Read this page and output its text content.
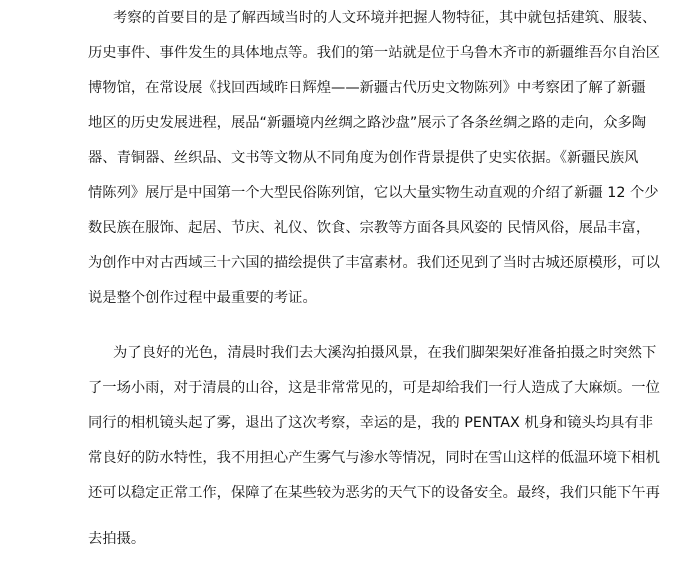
考察的首要目的是了解西域当时的人文环境并把握人物特征，其中就包括建筑、服装、
历史事件、事件发生的具体地点等。我们的第一站就是位于乌鲁木齐市的新疆维吾尔自治区
博物馆，在常设展《找回西域昨日辉煌——新疆古代历史文物陈列》中考察团了解了新疆
地区的历史发展进程，展品“新疆境内丝绸之路沙盘”展示了各条丝绸之路的走向，众多陶
器、青铜器、丝织品、文书等文物从不同角度为创作背景提供了史实依据。《新疆民族风
情陈列》展厅是中国第一个大型民俗陈列馆，它以大量实物生动直观的介绍了新疆 12 个少
数民族在服饰、起居、节庆、礼仪、饮食、宗教等方面各具风姿的 民情风俗，展品丰富，
为创作中对古西域三十六国的描绘提供了丰富素材。我们还见到了当时古城还原模形，可以
说是整个创作过程中最重要的考证。
为了良好的光色，清晨时我们去大溪沟拍摄风景，在我们脚架架好准备拍摄之时突然下
了一场小雨，对于清晨的山谷，这是非常常见的，可是却给我们一行人造成了大麻烦。一位
同行的相机镜头起了雾，退出了这次考察，幸运的是，我的 PENTAX 机身和镜头均具有非
常良好的防水特性，我不用担心产生雾气与渗水等情况，同时在雪山这样的低温环境下相机
还可以稳定正常工作，保障了在某些较为恶劣的天气下的设备安全。最终，我们只能下午再
去拍摄。
